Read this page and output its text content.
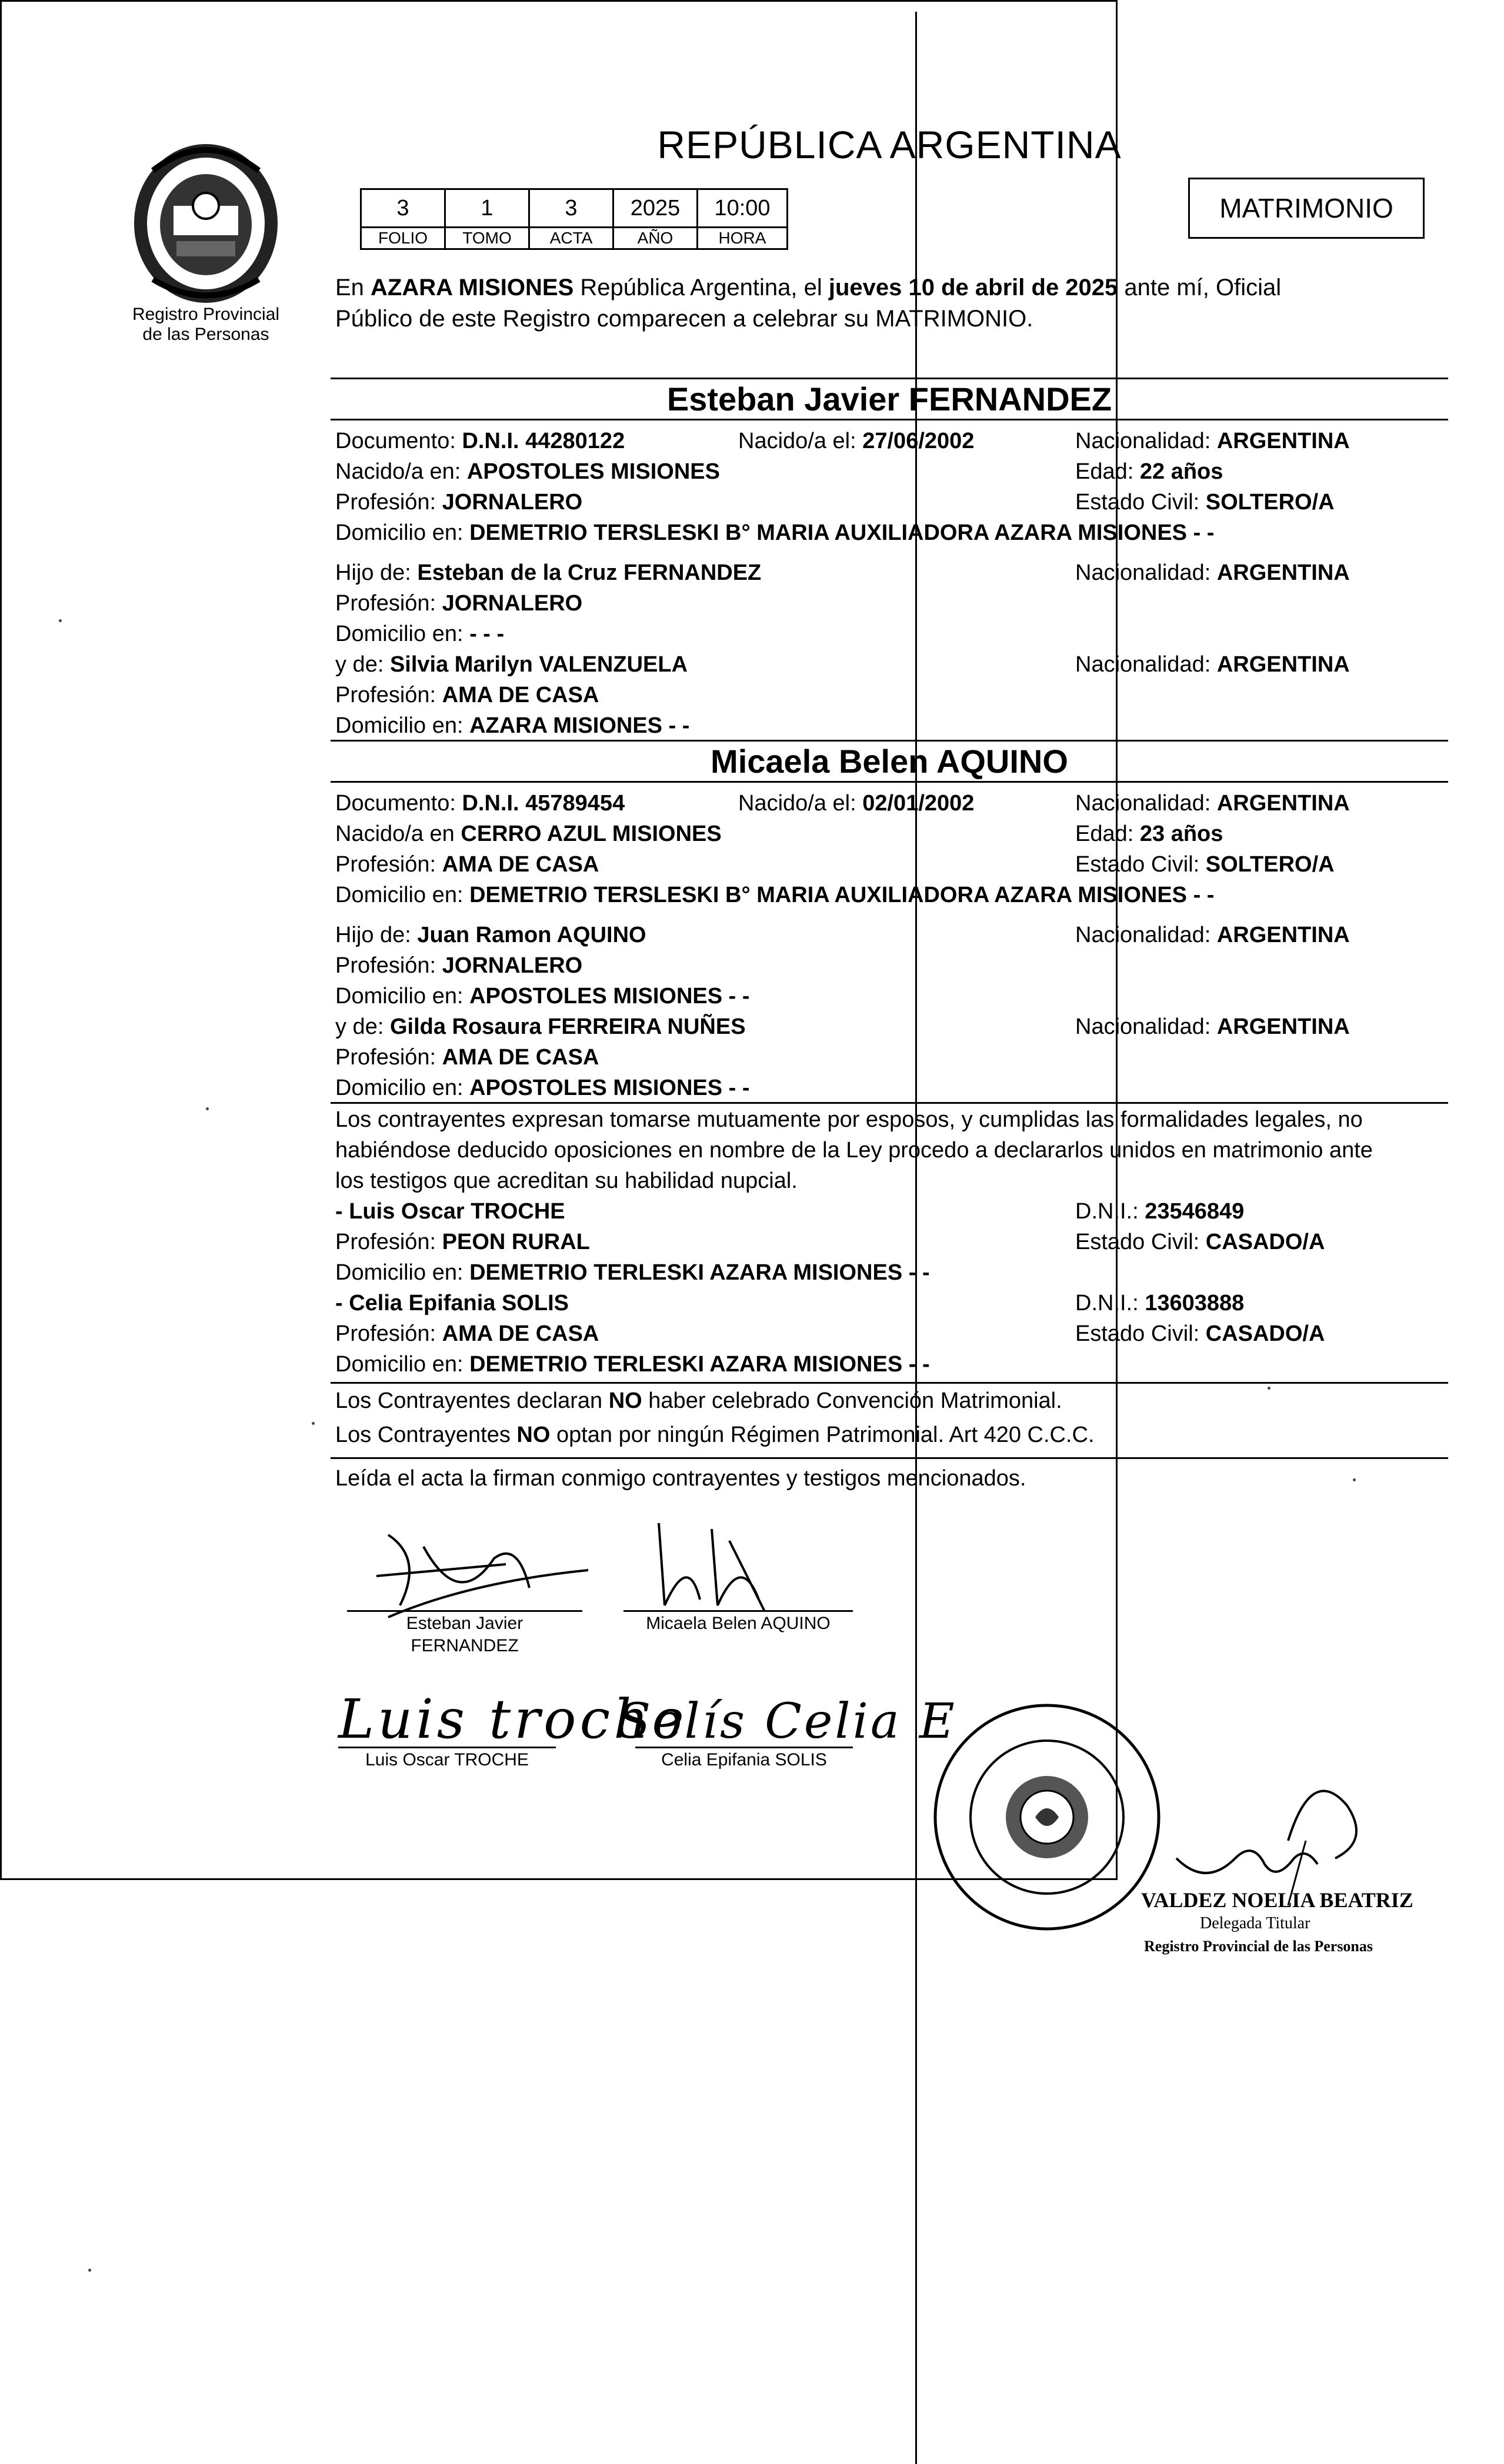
Registro Provincial
de las Personas
REPÚBLICA ARGENTINA
3	1	3	2025	10:00
FOLIO	TOMO	ACTA	AÑO	HORA
MATRIMONIO
En AZARA MISIONES República Argentina, el jueves 10 de abril de 2025 ante mí, Oficial
Público de este Registro comparecen a celebrar su MATRIMONIO.
Esteban Javier FERNANDEZ
Documento: D.N.I. 44280122	Nacido/a el: 27/06/2002	Nacionalidad: ARGENTINA
Nacido/a en: APOSTOLES MISIONES	Edad: 22 años
Profesión: JORNALERO	Estado Civil: SOLTERO/A
Domicilio en: DEMETRIO TERSLESKI B° MARIA AUXILIADORA AZARA MISIONES - -
Hijo de: Esteban de la Cruz FERNANDEZ	Nacionalidad: ARGENTINA
Profesión: JORNALERO
Domicilio en: - - -
y de: Silvia Marilyn VALENZUELA	Nacionalidad: ARGENTINA
Profesión: AMA DE CASA
Domicilio en: AZARA MISIONES - -
Micaela Belen AQUINO
Documento: D.N.I. 45789454	Nacido/a el: 02/01/2002	Nacionalidad: ARGENTINA
Nacido/a en CERRO AZUL MISIONES	Edad: 23 años
Profesión: AMA DE CASA	Estado Civil: SOLTERO/A
Domicilio en: DEMETRIO TERSLESKI B° MARIA AUXILIADORA AZARA MISIONES - -
Hijo de: Juan Ramon AQUINO	Nacionalidad: ARGENTINA
Profesión: JORNALERO
Domicilio en: APOSTOLES MISIONES - -
y de: Gilda Rosaura FERREIRA NUÑES	Nacionalidad: ARGENTINA
Profesión: AMA DE CASA
Domicilio en: APOSTOLES MISIONES - -
Los contrayentes expresan tomarse mutuamente por esposos, y cumplidas las formalidades legales, no
habiéndose deducido oposiciones en nombre de la Ley procedo a declararlos unidos en matrimonio ante
los testigos que acreditan su habilidad nupcial.
- Luis Oscar TROCHE	D.N.I.: 23546849
Profesión: PEON RURAL	Estado Civil: CASADO/A
Domicilio en: DEMETRIO TERLESKI AZARA MISIONES - -
- Celia Epifania SOLIS	D.N.I.: 13603888
Profesión: AMA DE CASA	Estado Civil: CASADO/A
Domicilio en: DEMETRIO TERLESKI AZARA MISIONES - -
Los Contrayentes declaran NO haber celebrado Convención Matrimonial.
Los Contrayentes NO optan por ningún Régimen Patrimonial. Art 420 C.C.C.
Leída el acta la firman conmigo contrayentes y testigos mencionados.
Esteban Javier
FERNANDEZ
Micaela Belen AQUINO
Luis troche
Luis Oscar TROCHE
Solís Celia E
Celia Epifania SOLIS
VALDEZ NOELIA BEATRIZ
Delegada Titular
Registro Provincial de las Personas
